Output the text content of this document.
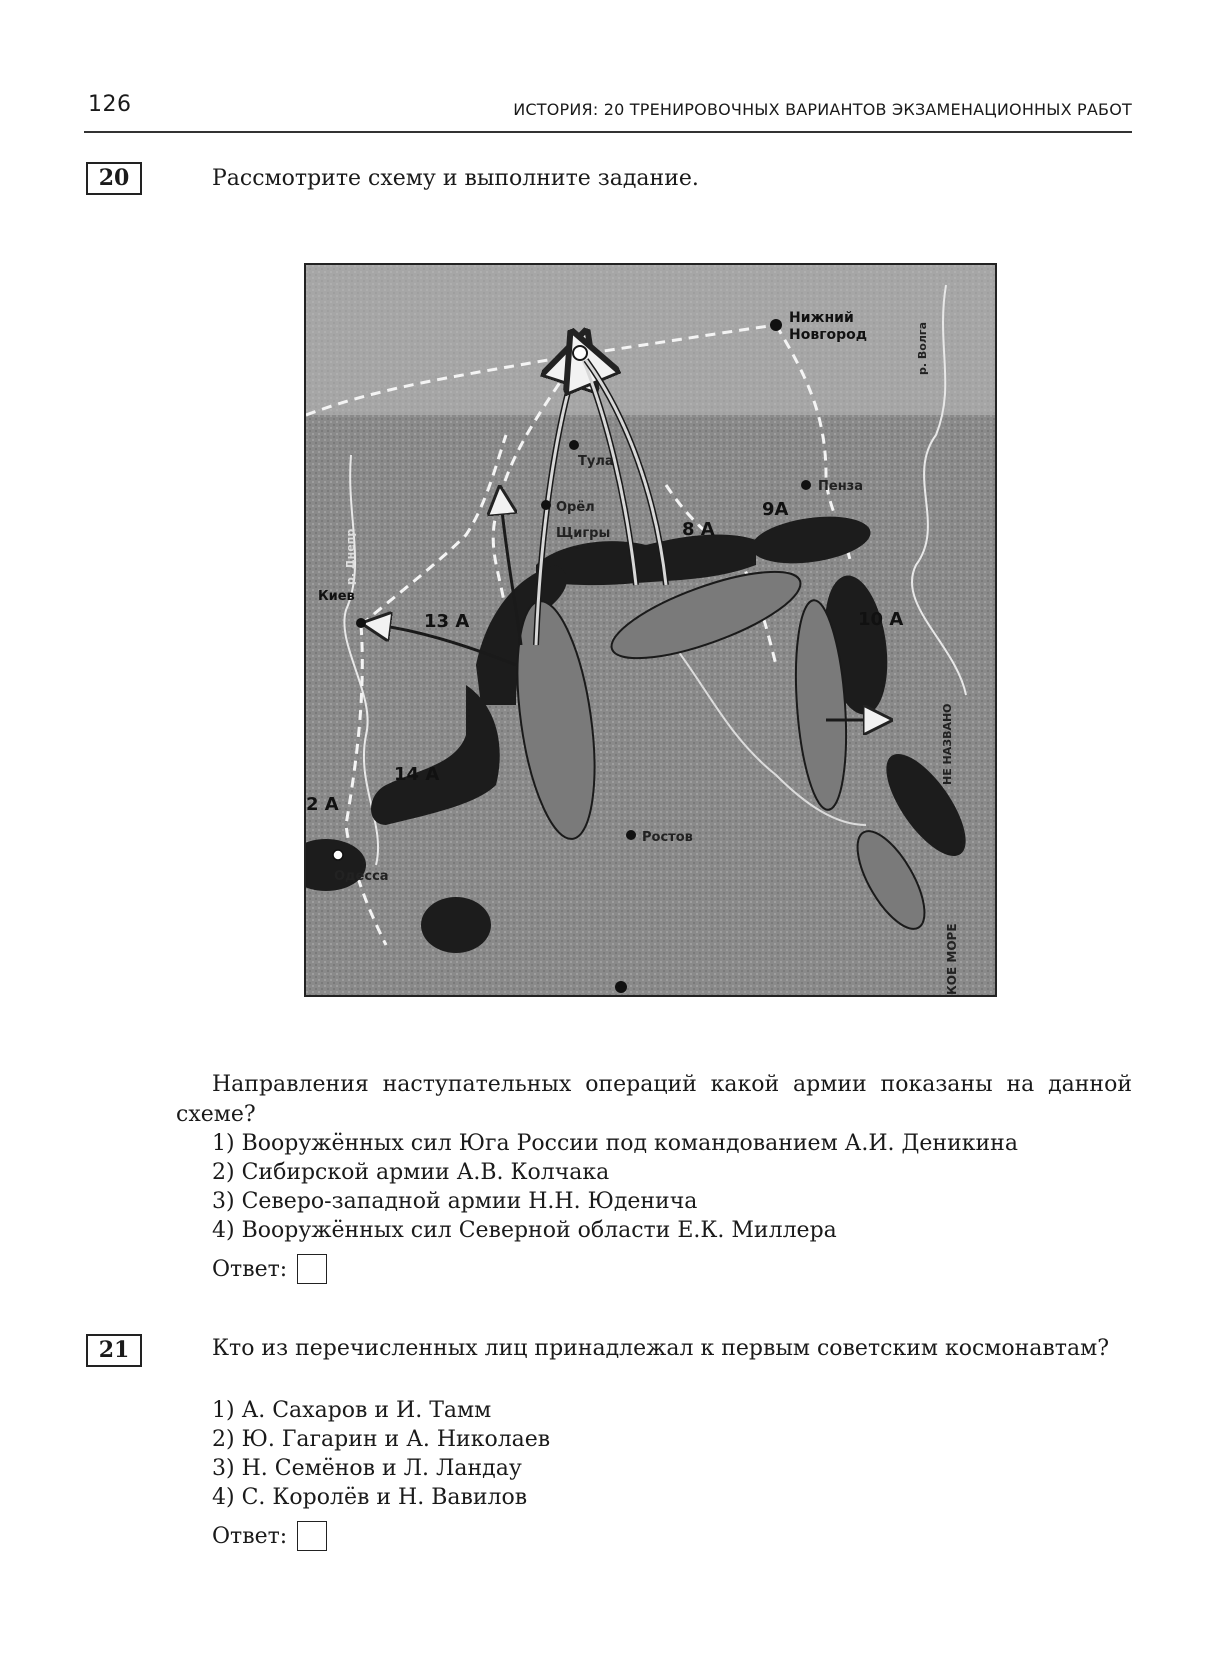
126	ИСТОРИЯ: 20 ТРЕНИРОВОЧНЫХ ВАРИАНТОВ ЭКЗАМЕНАЦИОННЫХ РАБОТ
20	Рассмотрите схему и выполните задание.
Нижний
Новгород
Тула
Орёл
Щигры
Пенза
Киев
Одесса
Ростов
9А
8 А
13 А	10 А
14 А
2 А
р. Волга
р. Днепр
КОЕ МОРЕ
НЕ НАЗВАНО
Направления наступательных операций какой армии показаны на данной схеме?
1) Вооружённых сил Юга России под командованием А.И. Деникина
2) Сибирской армии А.В. Колчака
3) Северо-западной армии Н.Н. Юденича
4) Вооружённых сил Северной области Е.К. Миллера
Ответ:
21	Кто из перечисленных лиц принадлежал к первым советским космонавтам?
1) А. Сахаров и И. Тамм
2) Ю. Гагарин и А. Николаев
3) Н. Семёнов и Л. Ландау
4) С. Королёв и Н. Вавилов
Ответ:
